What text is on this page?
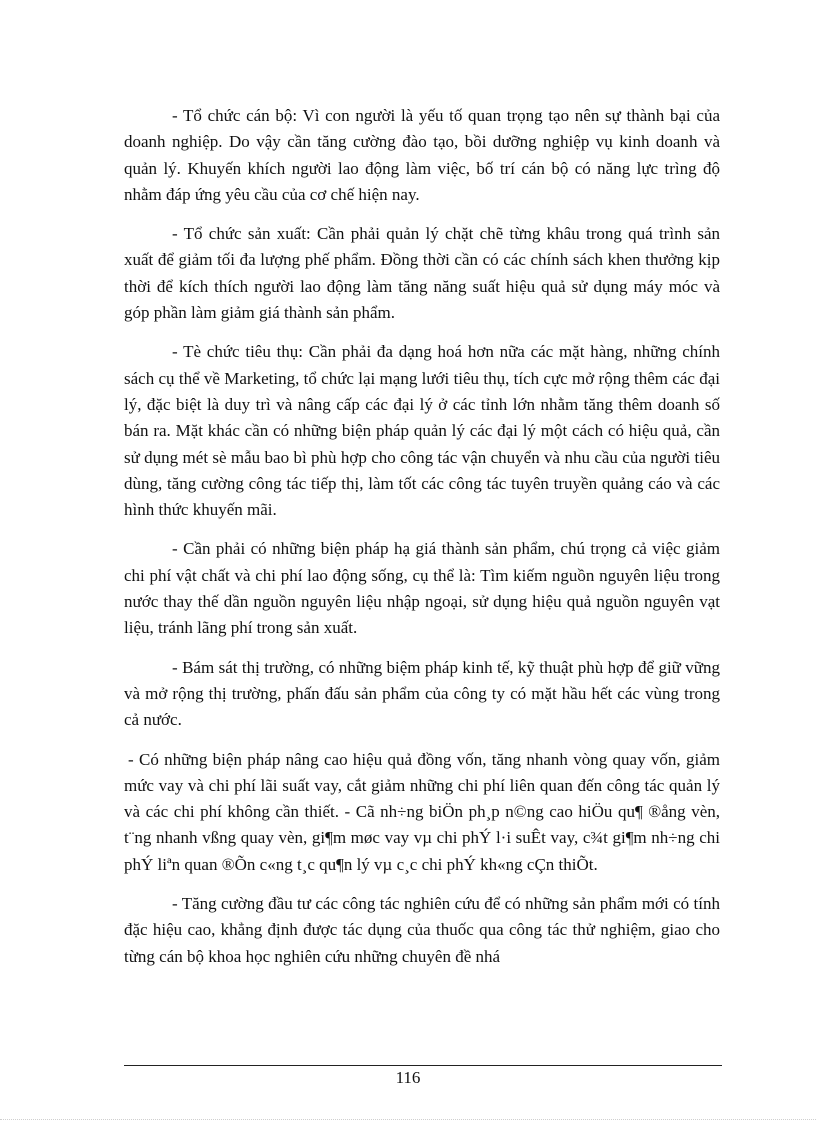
- Tổ chức cán bộ: Vì con người là yếu tố quan trọng tạo nên sự thành bại của doanh nghiệp. Do vậy cần tăng cường đào tạo, bồi dưỡng nghiệp vụ kinh doanh và quản lý. Khuyến khích người lao động làm việc, bố trí cán bộ có năng lực trìng độ nhằm đáp ứng yêu cầu của cơ chế hiện nay.

- Tổ chức sản xuất: Cần phải quản lý chặt chẽ từng khâu trong quá trình sản xuất để giảm tối đa lượng phế phẩm. Đồng thời cần có các chính sách khen thưởng kịp thời để kích thích người lao động làm tăng năng suất hiệu quả sử dụng máy móc và góp phần làm giảm giá thành sản phẩm.

- Tè chức tiêu thụ: Cần phải đa dạng hoá hơn nữa các mặt hàng, những chính sách cụ thể về Marketing, tổ chức lại mạng lưới tiêu thụ, tích cực mở rộng thêm các đại lý, đặc biệt là duy trì và nâng cấp các đại lý ở các tỉnh lớn nhằm tăng thêm doanh số bán ra. Mặt khác cần có những biện pháp quản lý các đại lý một cách có hiệu quả, cần sử dụng mét sè mẫu bao bì phù hợp cho công tác vận chuyển và nhu cầu của người tiêu dùng, tăng cường công tác tiếp thị, làm tốt các công tác tuyên truyền quảng cáo và các hình thức khuyến mãi.

- Cần phải có những biện pháp hạ giá thành sản phẩm, chú trọng cả việc giảm chi phí vật chất và chi phí lao động sống, cụ thể là: Tìm kiếm nguồn nguyên liệu trong nước thay thế dần nguồn nguyên liệu nhập ngoại, sử dụng hiệu quả nguồn nguyên vạt liệu, tránh lãng phí trong sản xuất.

- Bám sát thị trường, có những biệm pháp kinh tế, kỹ thuật phù hợp để giữ vững và mở rộng thị trường, phấn đấu sản phẩm của công ty có mặt hầu hết các vùng trong cả nước.

- Có những biện pháp nâng cao hiệu quả đồng vốn, tăng nhanh vòng quay vốn, giảm mức vay và chi phí lãi suất vay, cắt giảm những chi phí liên quan đến công tác quản lý và các chi phí không cần thiết. - Cã nh÷ng biÖn ph¸p n©ng cao hiÖu qu¶ ®ång vèn, t¨ng nhanh vßng quay vèn, gi¶m møc vay vµ chi phÝ l·i suÊt vay, c¾t gi¶m nh÷ng chi phÝ liªn quan ®Õn c«ng t¸c qu¶n lý vµ c¸c chi phÝ kh«ng cÇn thiÕt.

- Tăng cường đầu tư các công tác nghiên cứu để có những sản phẩm mới có tính đặc hiệu cao, khẳng định được tác dụng của thuốc qua công tác thử nghiệm, giao cho từng cán bộ khoa học nghiên cứu những chuyên đề nhá

116
